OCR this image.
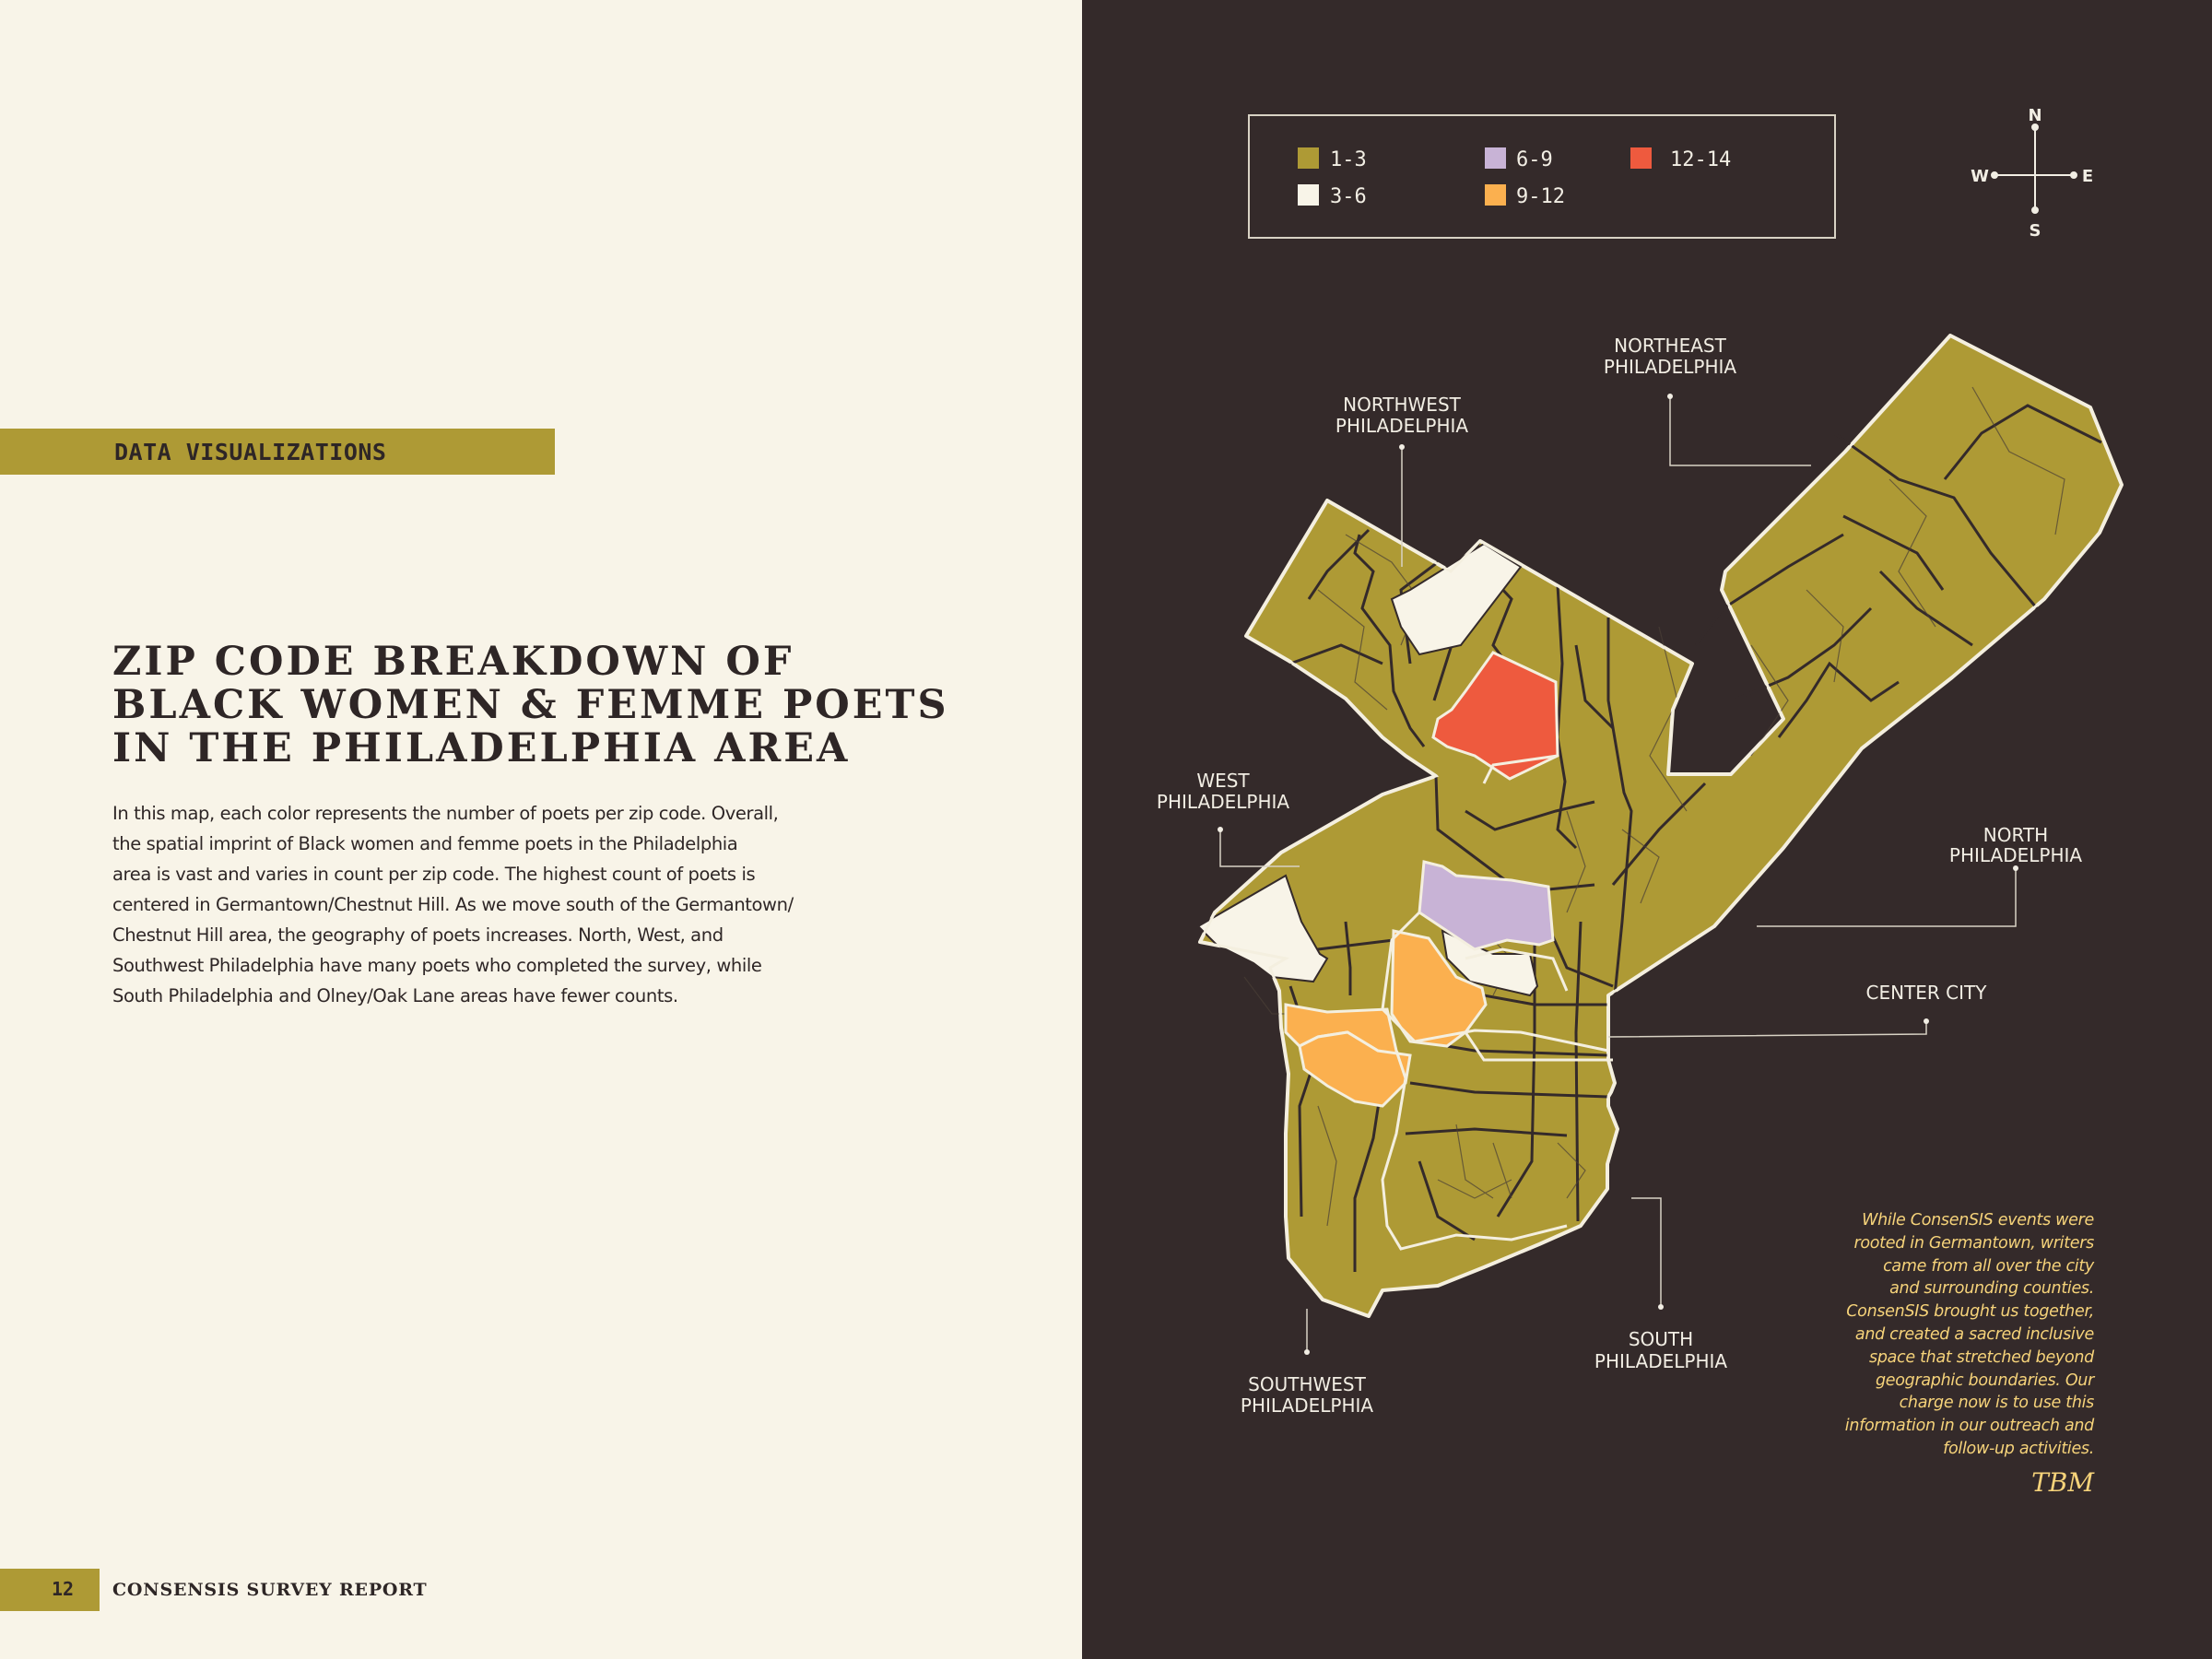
DATA VISUALIZATIONS
ZIP CODE BREAKDOWN OF
BLACK WOMEN & FEMME POETS
IN THE PHILADELPHIA AREA
In this map, each color represents the number of poets per zip code. Overall,
the spatial imprint of Black women and femme poets in the Philadelphia
area is vast and varies in count per zip code. The highest count of poets is
centered in Germantown/Chestnut Hill. As we move south of the Germantown/
Chestnut Hill area, the geography of poets increases. North, West, and
Southwest Philadelphia have many poets who completed the survey, while
South Philadelphia and Olney/Oak Lane areas have fewer counts.
12 CONSENSIS SURVEY REPORT
1-3	6-9	12-14
3-6	9-12
N
S
E
W
NORTHEAST
PHILADELPHIA
NORTHWEST
PHILADELPHIA
WEST
PHILADELPHIA
NORTH
PHILADELPHIA
CENTER CITY
SOUTH
PHILADELPHIA
SOUTHWEST
PHILADELPHIA
While ConsenSIS events were
rooted in Germantown, writers
came from all over the city
and surrounding counties.
ConsenSIS brought us together,
and created a sacred inclusive
space that stretched beyond
geographic boundaries. Our
charge now is to use this
information in our outreach and
follow-up activities.
TBM
